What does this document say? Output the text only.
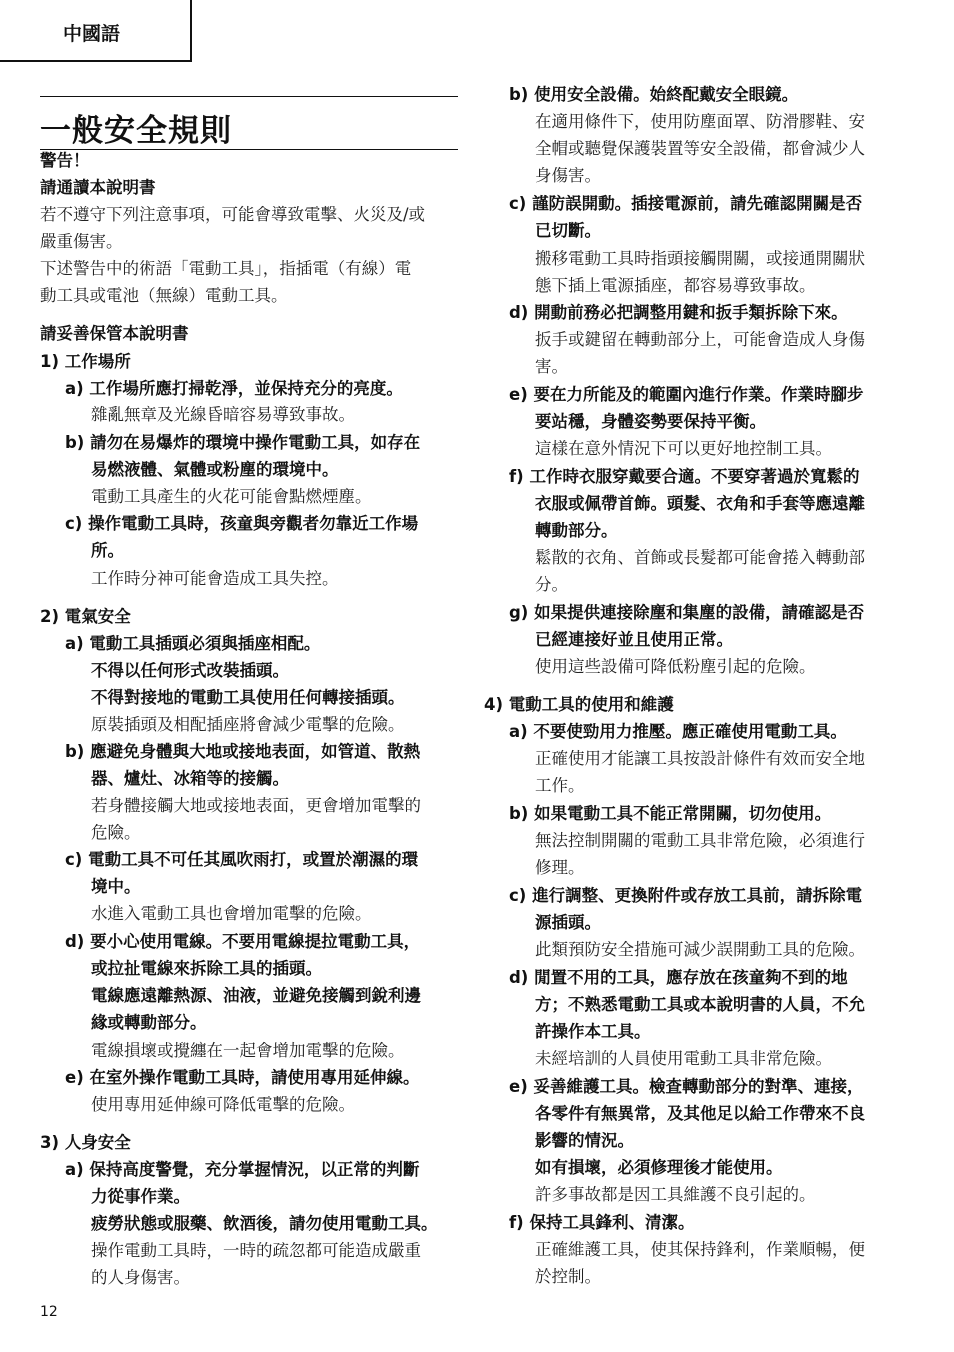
中國語
一般安全規則
警告！
請通讀本說明書
若不遵守下列注意事項，可能會導致電擊、火災及/或
嚴重傷害。
下述警告中的術語「電動工具」，指插電（有線）電
動工具或電池（無線）電動工具。
請妥善保管本說明書
1) 工作場所
a) 工作場所應打掃乾淨，並保持充分的亮度。
雜亂無章及光線昏暗容易導致事故。
b) 請勿在易爆炸的環境中操作電動工具，如存在
易燃液體、氣體或粉塵的環境中。
電動工具產生的火花可能會點燃煙塵。
c) 操作電動工具時，孩童與旁觀者勿靠近工作場
所。
工作時分神可能會造成工具失控。
2) 電氣安全
a) 電動工具插頭必須與插座相配。
不得以任何形式改裝插頭。
不得對接地的電動工具使用任何轉接插頭。
原裝插頭及相配插座將會減少電擊的危險。
b) 應避免身體與大地或接地表面，如管道、散熱
器、爐灶、冰箱等的接觸。
若身體接觸大地或接地表面，更會增加電擊的
危險。
c) 電動工具不可任其風吹雨打，或置於潮濕的環
境中。
水進入電動工具也會增加電擊的危險。
d) 要小心使用電線。不要用電線提拉電動工具，
或拉扯電線來拆除工具的插頭。
電線應遠離熱源、油液，並避免接觸到銳利邊
緣或轉動部分。
電線損壞或攪纏在一起會增加電擊的危險。
e) 在室外操作電動工具時，請使用專用延伸線。
使用專用延伸線可降低電擊的危險。
3) 人身安全
a) 保持高度警覺，充分掌握情況，以正常的判斷
力從事作業。
疲勞狀態或服藥、飲酒後，請勿使用電動工具。
操作電動工具時，一時的疏忽都可能造成嚴重
的人身傷害。
b) 使用安全設備。始終配戴安全眼鏡。
在適用條件下，使用防塵面罩、防滑膠鞋、安
全帽或聽覺保護裝置等安全設備，都會減少人
身傷害。
c) 謹防誤開動。插接電源前，請先確認開關是否
已切斷。
搬移電動工具時指頭接觸開關，或接通開關狀
態下插上電源插座，都容易導致事故。
d) 開動前務必把調整用鍵和扳手類拆除下來。
扳手或鍵留在轉動部分上，可能會造成人身傷
害。
e) 要在力所能及的範圍內進行作業。作業時腳步
要站穩，身體姿勢要保持平衡。
這樣在意外情況下可以更好地控制工具。
f) 工作時衣服穿戴要合適。不要穿著過於寬鬆的
衣服或佩帶首飾。頭髮、衣角和手套等應遠離
轉動部分。
鬆散的衣角、首飾或長髮都可能會捲入轉動部
分。
g) 如果提供連接除塵和集塵的設備，請確認是否
已經連接好並且使用正常。
使用這些設備可降低粉塵引起的危險。
4) 電動工具的使用和維護
a) 不要使勁用力推壓。應正確使用電動工具。
正確使用才能讓工具按設計條件有效而安全地
工作。
b) 如果電動工具不能正常開關，切勿使用。
無法控制開關的電動工具非常危險，必須進行
修理。
c) 進行調整、更換附件或存放工具前，請拆除電
源插頭。
此類預防安全措施可減少誤開動工具的危險。
d) 閒置不用的工具，應存放在孩童夠不到的地
方；不熟悉電動工具或本說明書的人員，不允
許操作本工具。
未經培訓的人員使用電動工具非常危險。
e) 妥善維護工具。檢查轉動部分的對準、連接，
各零件有無異常，及其他足以給工作帶來不良
影響的情況。
如有損壞，必須修理後才能使用。
許多事故都是因工具維護不良引起的。
f) 保持工具鋒利、清潔。
正確維護工具，使其保持鋒利，作業順暢，便
於控制。
12
